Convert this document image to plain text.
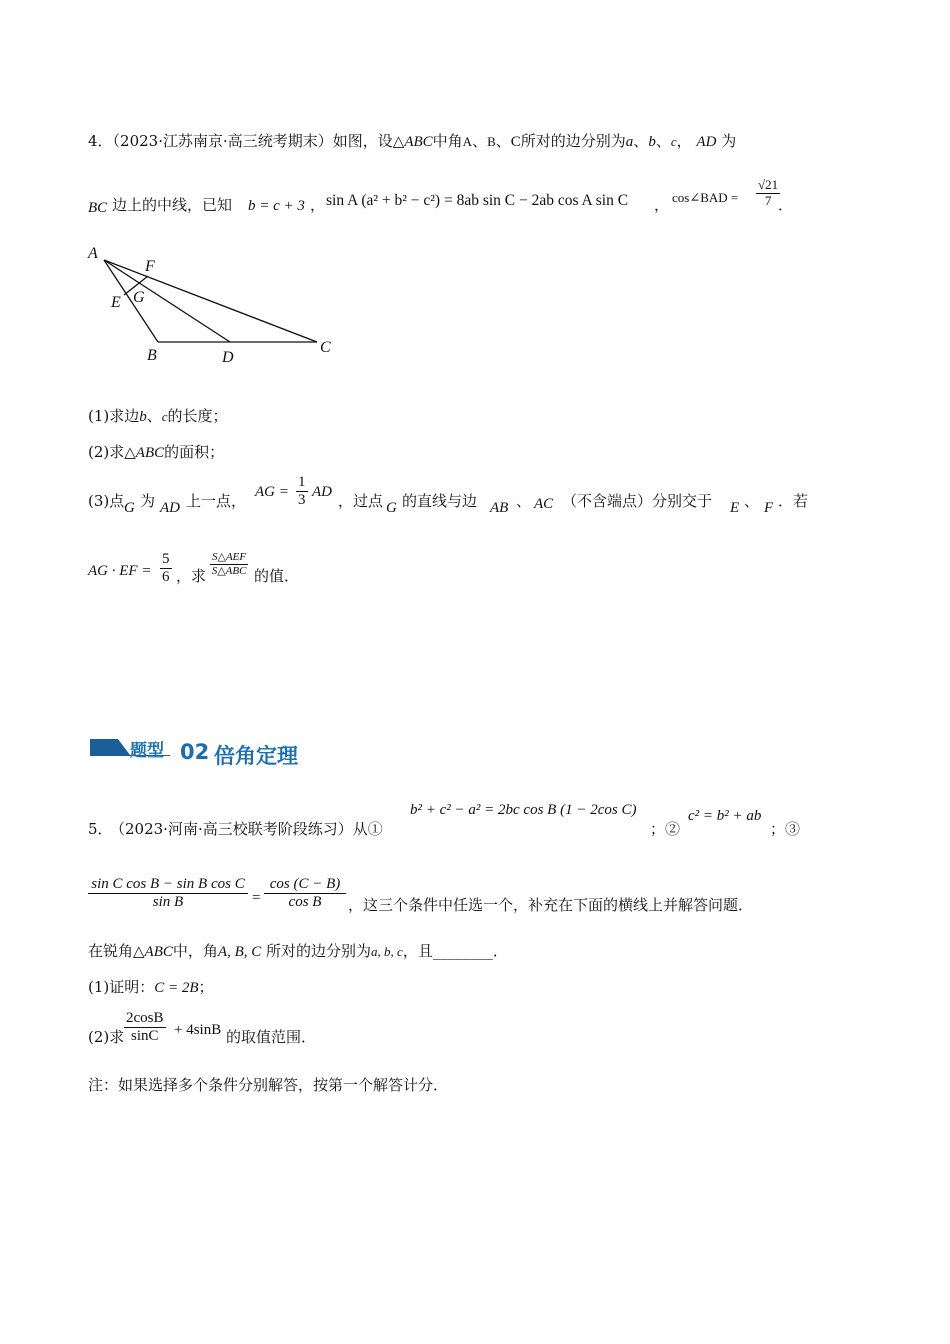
4．（2023·江苏南京·高三统考期末）如图，设△ABC中角A、B、C所对的边分别为a、b、c， AD 为
BC 边上的中线，已知 b = c + 3 ， sin A (a² + b² − c²) = 8ab sin C − 2ab cos A sin C ， cos∠BAD = $\frac{√21}{7}$
．
A
F
G
E
B	D
C
(1)求边b、c的长度；
(2)求△ABC的面积；
(3)点 G 为 AD 上一点， AG = $\frac{1}{3}$ AD ，过点 G 的直线与边 AB 、 AC （不含端点）分别交于 E 、 F ．若
AG · EF = $\frac{5}{6}$ ，求
S△AEF
S△ABC 的值．
题型 02 倍角定理
5．
（2023·河南·高三校联考阶段练习）从①
b² + c² − a² = 2bc cos B (1 − 2cos C)
；②
c² = b² + ab
；③
$\frac{\text{sin C cos B − sin B cos C}}{\text{sin B}} = \frac{\cos (C - B)}{\text{cos B}}$ ，这三个条件中任选一个，补充在下面的横线上并解答问题．
在锐角△ABC中，角A, B, C 所对的边分别为a, b, c，且________．
(1)证明：C = 2B；
(2)求 $\frac{2\cos B}{\sin C} + 4\sin B$ 的取值范围．
注：如果选择多个条件分别解答，按第一个解答计分．
